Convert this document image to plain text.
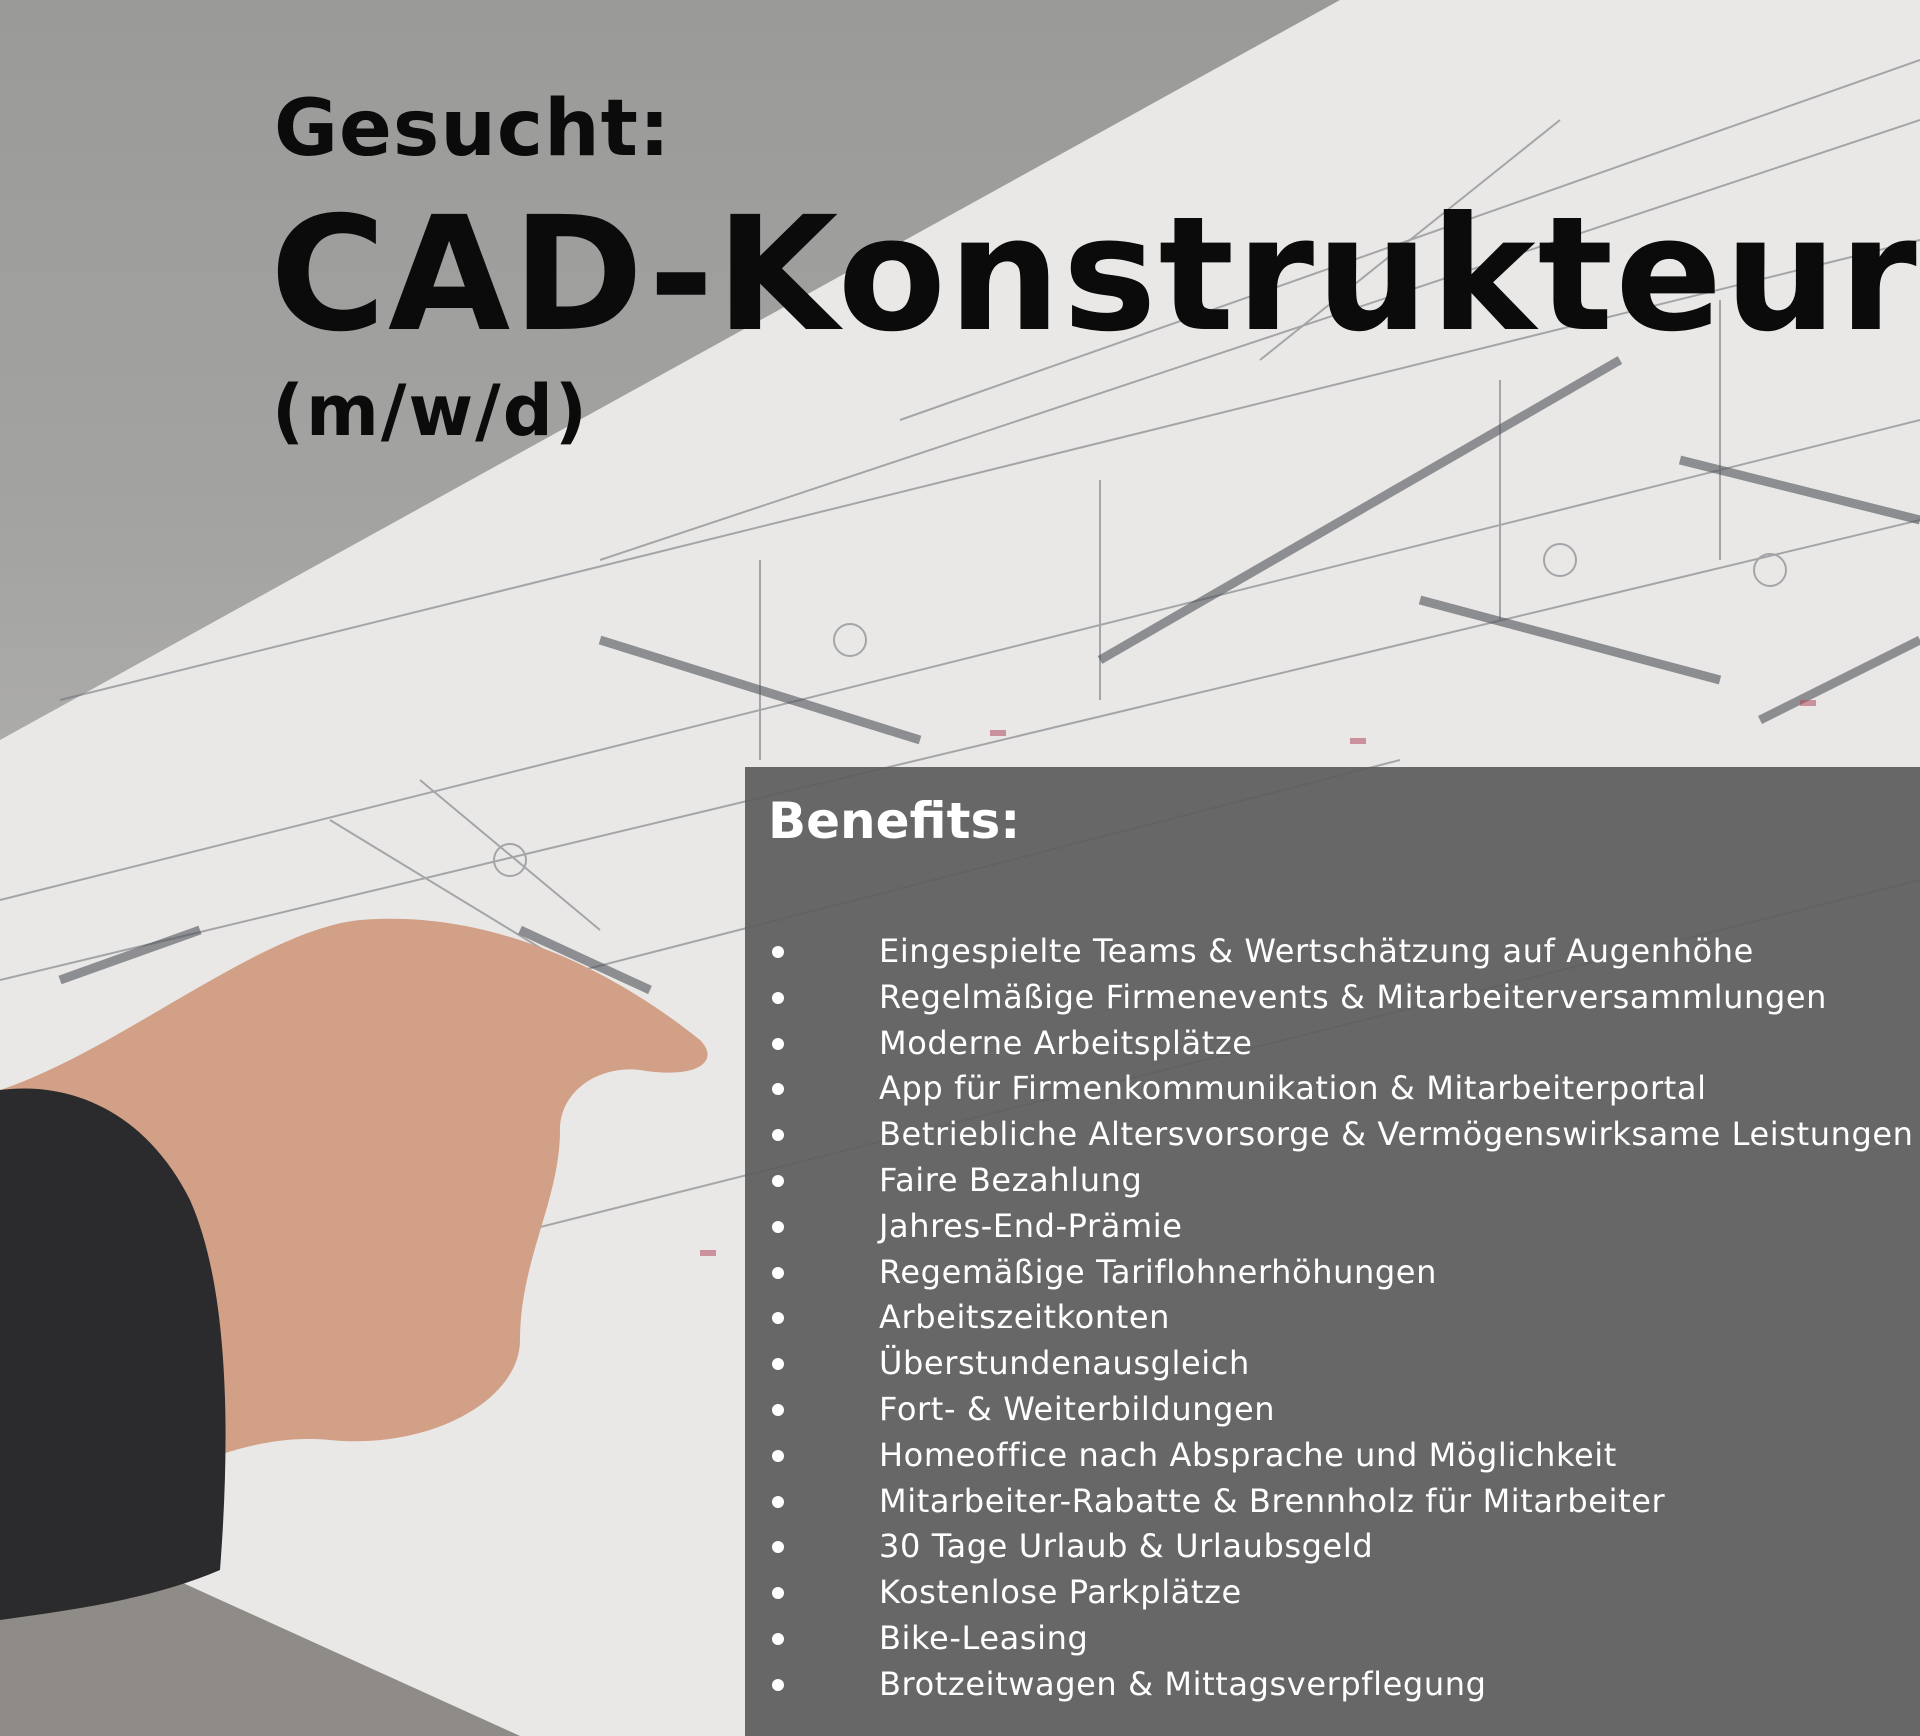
Gesucht:
CAD-Konstrukteur
(m/w/d)
Benefits:
Eingespielte Teams & Wertschätzung auf Augenhöhe
Regelmäßige Firmenevents & Mitarbeiterversammlungen
Moderne Arbeitsplätze
App für Firmenkommunikation & Mitarbeiterportal
Betriebliche Altersvorsorge & Vermögenswirksame Leistungen
Faire Bezahlung
Jahres-End-Prämie
Regemäßige Tariflohnerhöhungen
Arbeitszeitkonten
Überstundenausgleich
Fort- & Weiterbildungen
Homeoffice nach Absprache und Möglichkeit
Mitarbeiter-Rabatte & Brennholz für Mitarbeiter
30 Tage Urlaub & Urlaubsgeld
Kostenlose Parkplätze
Bike-Leasing
Brotzeitwagen & Mittagsverpflegung
